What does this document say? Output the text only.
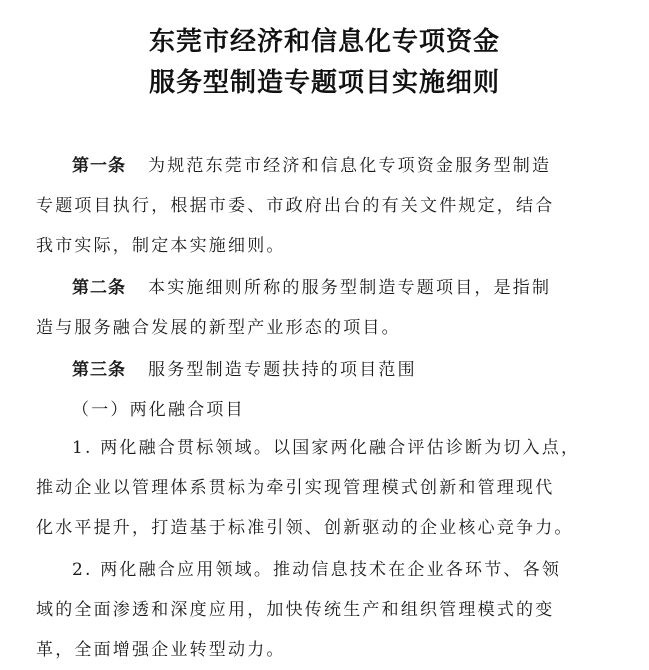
东莞市经济和信息化专项资金
服务型制造专题项目实施细则
第一条 为规范东莞市经济和信息化专项资金服务型制造
专题项目执行，根据市委、市政府出台的有关文件规定，结合
我市实际，制定本实施细则。
第二条 本实施细则所称的服务型制造专题项目，是指制
造与服务融合发展的新型产业形态的项目。
第三条 服务型制造专题扶持的项目范围
（一）两化融合项目
1. 两化融合贯标领域。以国家两化融合评估诊断为切入点，
推动企业以管理体系贯标为牵引实现管理模式创新和管理现代
化水平提升，打造基于标准引领、创新驱动的企业核心竞争力。
2. 两化融合应用领域。推动信息技术在企业各环节、各领
域的全面渗透和深度应用，加快传统生产和组织管理模式的变
革，全面增强企业转型动力。
